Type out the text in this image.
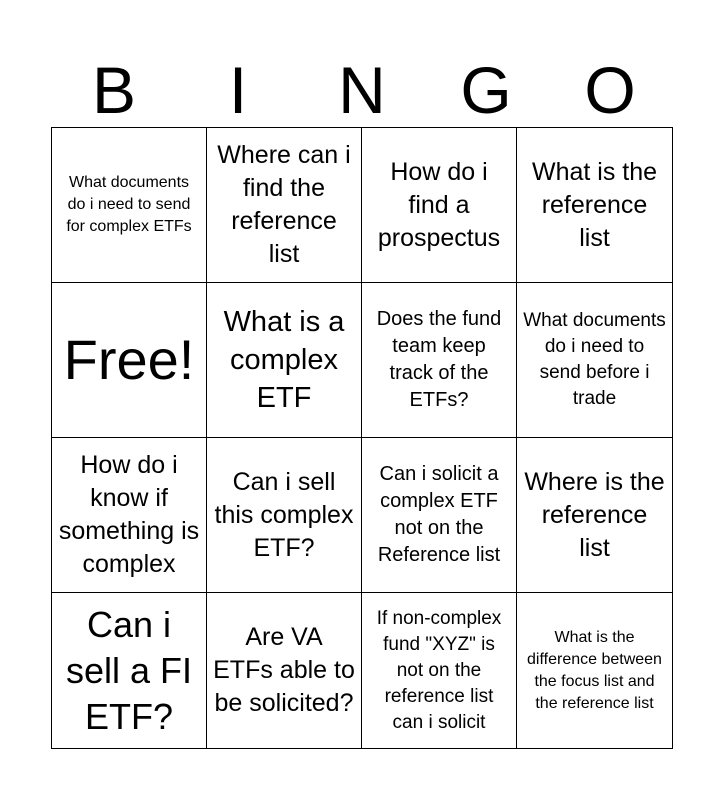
B	I	N	G	O
What documents do i need to send for complex ETFs
Where can i find the reference list
How do i find a prospectus
What is the reference list
Free!
What is a complex ETF
Does the fund team keep track of the ETFs?
What documents do i need to send before i trade
How do i know if something is complex
Can i sell this complex ETF?
Can i solicit a complex ETF not on the Reference list
Where is the reference list
Can i sell a FI ETF?
Are VA ETFs able to be solicited?
If non-complex fund "XYZ" is not on the reference list can i solicit
What is the difference between the focus list and the reference list
